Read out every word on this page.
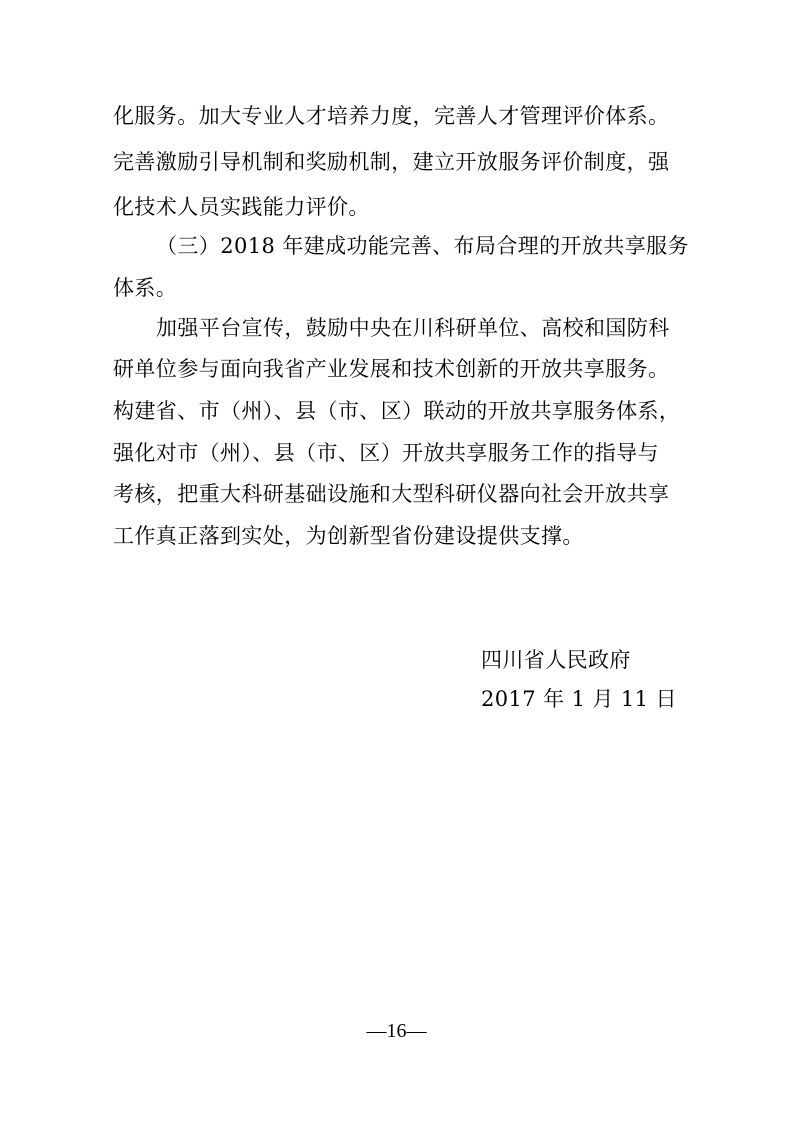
化服务。加大专业人才培养力度，完善人才管理评价体系。
完善激励引导机制和奖励机制，建立开放服务评价制度，强
化技术人员实践能力评价。
（三）2018 年建成功能完善、布局合理的开放共享服务
体系。
加强平台宣传，鼓励中央在川科研单位、高校和国防科
研单位参与面向我省产业发展和技术创新的开放共享服务。
构建省、市（州）、县（市、区）联动的开放共享服务体系，
强化对市（州）、县（市、区）开放共享服务工作的指导与
考核，把重大科研基础设施和大型科研仪器向社会开放共享
工作真正落到实处，为创新型省份建设提供支撑。
四川省人民政府
2017 年 1 月 11 日
—16—
